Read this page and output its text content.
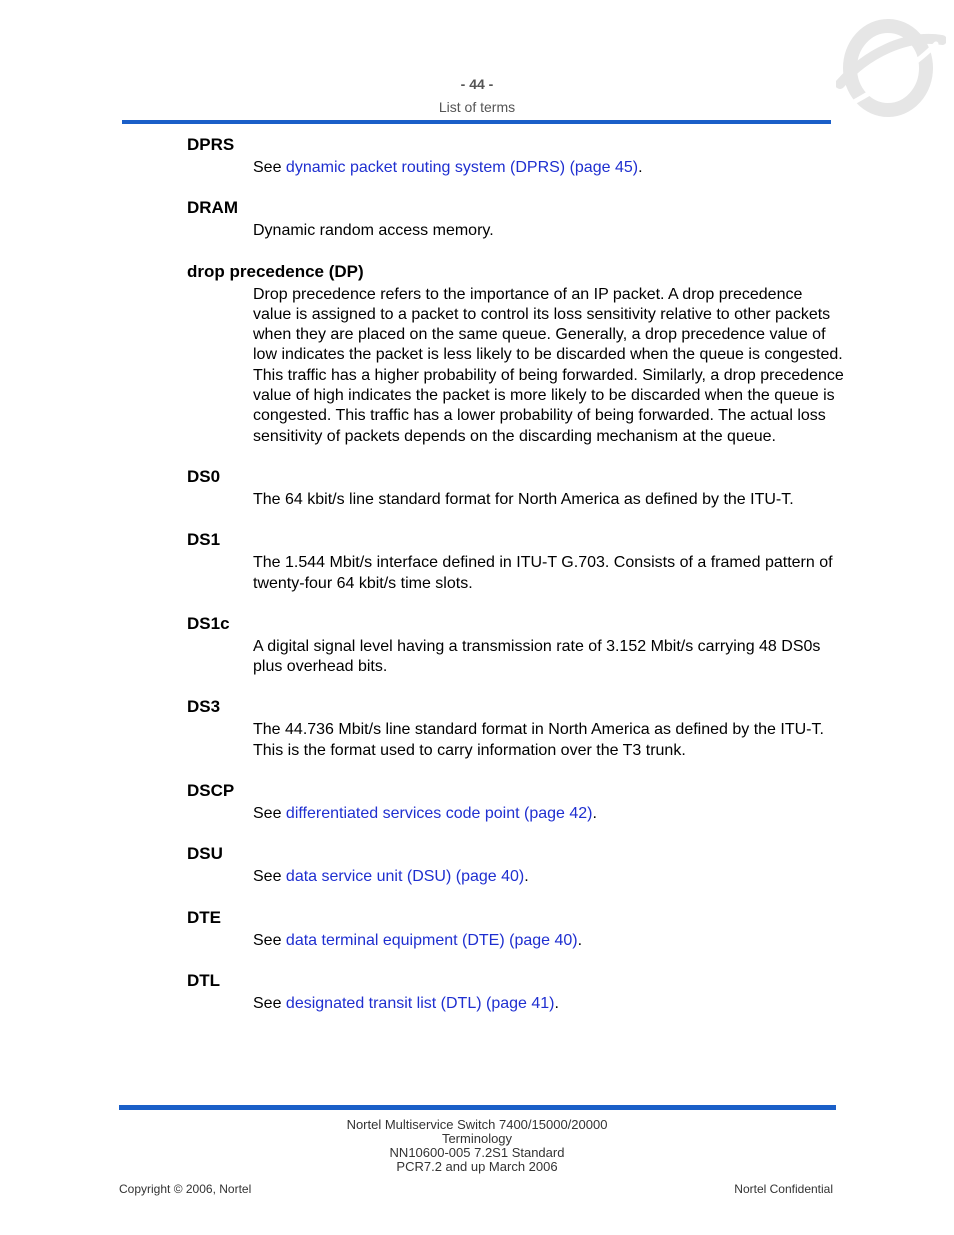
- 44 -
List of terms

DPRS

See dynamic packet routing system (DPRS) (page 45).

DRAM

Dynamic random access memory.

drop precedence (DP)

Drop precedence refers to the importance of an IP packet. A drop precedence value is assigned to a packet to control its loss sensitivity relative to other packets when they are placed on the same queue. Generally, a drop precedence value of low indicates the packet is less likely to be discarded when the queue is congested. This traffic has a higher probability of being forwarded. Similarly, a drop precedence value of high indicates the packet is more likely to be discarded when the queue is congested. This traffic has a lower probability of being forwarded. The actual loss sensitivity of packets depends on the discarding mechanism at the queue.

DS0

The 64 kbit/s line standard format for North America as defined by the ITU-T.

DS1

The 1.544 Mbit/s interface defined in ITU-T G.703. Consists of a framed pattern of twenty-four 64 kbit/s time slots.

DS1c

A digital signal level having a transmission rate of 3.152 Mbit/s carrying 48 DS0s plus overhead bits.

DS3

The 44.736 Mbit/s line standard format in North America as defined by the ITU-T. This is the format used to carry information over the T3 trunk.

DSCP

See differentiated services code point (page 42).

DSU

See data service unit (DSU) (page 40).

DTE

See data terminal equipment (DTE) (page 40).

DTL

See designated transit list (DTL) (page 41).

Nortel Multiservice Switch 7400/15000/20000
Terminology
NN10600-005 7.2S1 Standard
PCR7.2 and up March 2006
Copyright © 2006, Nortel	Nortel Confidential
